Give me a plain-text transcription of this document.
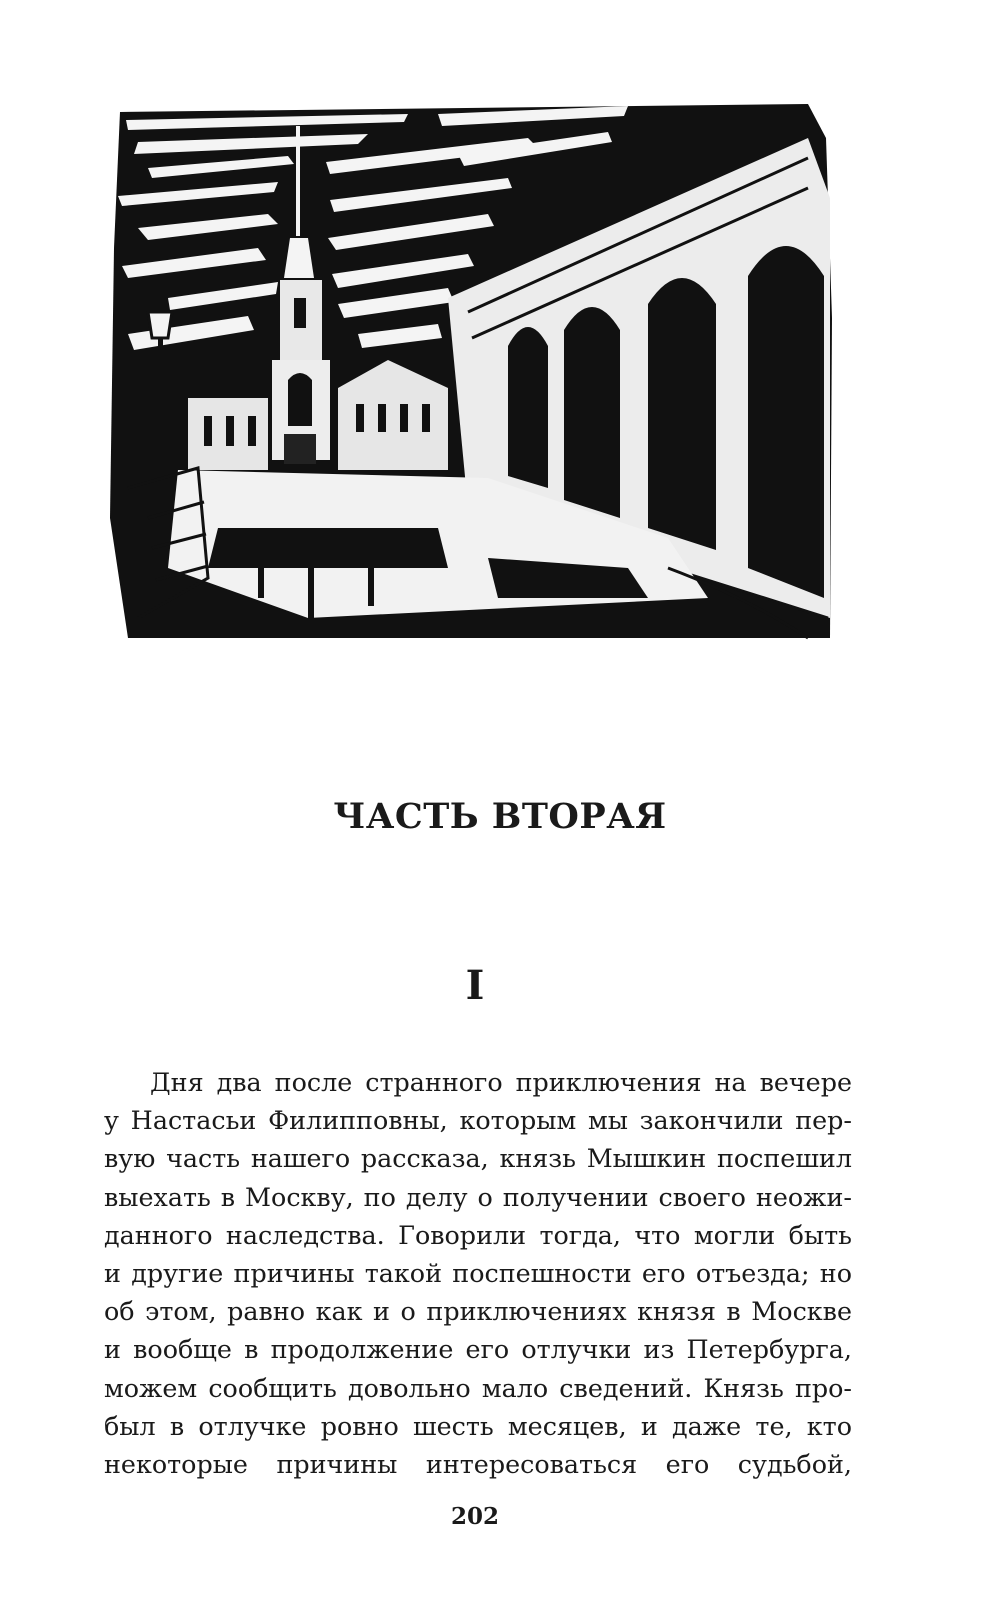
ЧАСТЬ ВТОРАЯ
I
Дня два после странного приключения на вечере
у Настасьи Филипповны, которым мы закончили пер-
вую часть нашего рассказа, князь Мышкин поспешил
выехать в Москву, по делу о получении своего неожи-
данного наследства. Говорили тогда, что могли быть
и другие причины такой поспешности его отъезда; но
об этом, равно как и о приключениях князя в Москве
и вообще в продолжение его отлучки из Петербурга,
можем сообщить довольно мало сведений. Князь про-
был в отлучке ровно шесть месяцев, и даже те, кто
некоторые причины интересоваться его судьбой,
202
